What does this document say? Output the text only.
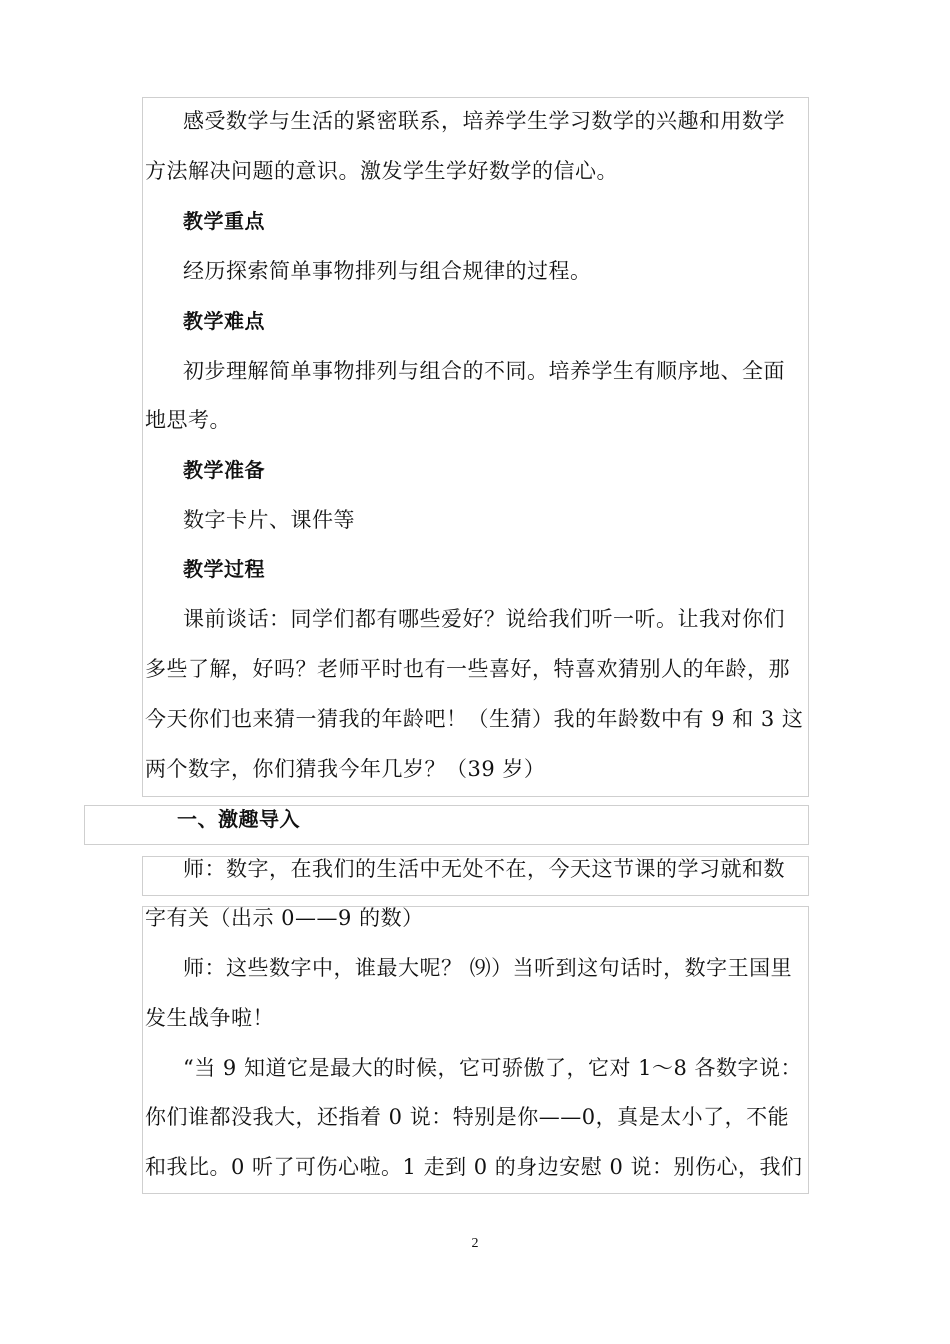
感受数学与生活的紧密联系，培养学生学习数学的兴趣和用数学
方法解决问题的意识。激发学生学好数学的信心。
教学重点
经历探索简单事物排列与组合规律的过程。
教学难点
初步理解简单事物排列与组合的不同。培养学生有顺序地、全面
地思考。
教学准备
数字卡片、课件等
教学过程
课前谈话：同学们都有哪些爱好？说给我们听一听。让我对你们
多些了解，好吗？老师平时也有一些喜好，特喜欢猜别人的年龄，那
今天你们也来猜一猜我的年龄吧！（生猜）我的年龄数中有 9 和 3 这
两个数字，你们猜我今年几岁？（39 岁）
一、激趣导入
师：数字，在我们的生活中无处不在，今天这节课的学习就和数
字有关（出示 0——9 的数）
师：这些数字中，谁最大呢？ ⑼）当听到这句话时，数字王国里
发生战争啦！
“当 9 知道它是最大的时候，它可骄傲了，它对 1～8 各数字说：
你们谁都没我大，还指着 0 说：特别是你——0，真是太小了，不能
和我比。0 听了可伤心啦。1 走到 0 的身边安慰 0 说：别伤心，我们
2
